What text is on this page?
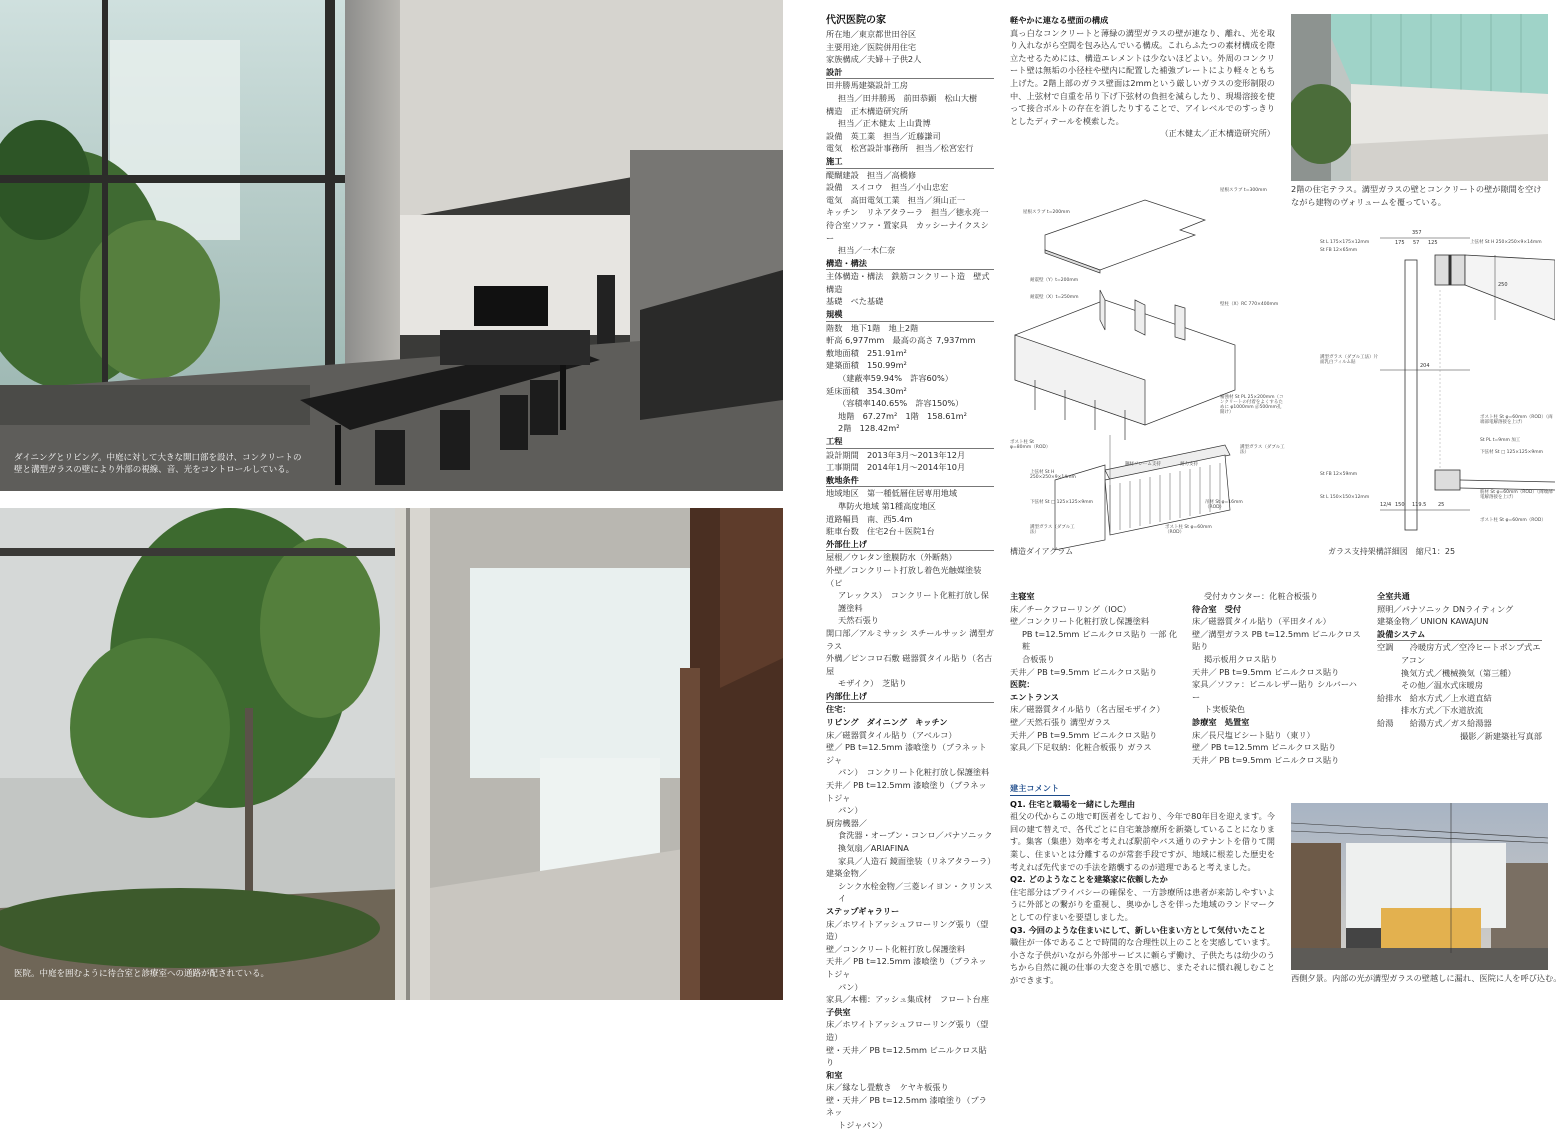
ダイニングとリビング。中庭に対して大きな開口部を設け、コンクリートの壁と溝型ガラスの壁により外部の視線、音、光をコントロールしている。
医院。中庭を囲むように待合室と診療室への通路が配されている。
代沢医院の家
所在地／東京都世田谷区
主要用途／医院併用住宅
家族構成／夫婦＋子供2人
設計
田井勝馬建築設計工房
担当／田井勝馬　前田恭顕　松山大樹
構造　正木構造研究所
担当／正木健太 上山貴博
設備　英工業　担当／近藤謙司
電気　松宮設計事務所　担当／松宮宏行
施工
醍醐建設　担当／高橋修
設備　スイコウ　担当／小山忠宏
電気　高田電気工業　担当／須山正一
キッチン　リネアタラーラ　担当／徳永亮一
待合室ソファ・置家具　カッシーナイクスシー
担当／一木仁奈
構造・構法
主体構造・構法　鉄筋コンクリート造　壁式構造
基礎　べた基礎
規模
階数　地下1階　地上2階
軒高 6,977mm　最高の高さ 7,937mm
敷地面積　251.91m²
建築面積　150.99m²
（建蔽率59.94%　許容60%）
延床面積　354.30m²
（容積率140.65%　許容150%）
地階　67.27m²　1階　158.61m²
2階　128.42m²
工程
設計期間　2013年3月〜2013年12月
工事期間　2014年1月〜2014年10月
敷地条件
地域地区　第一種低層住居専用地域
準防火地域 第1種高度地区
道路幅員　南、西5.4m
駐車台数　住宅2台＋医院1台
外部仕上げ
屋根／ウレタン塗膜防水（外断熱）
外壁／コンクリート打放し着色光触媒塗装（ピ
アレックス）　コンクリート化粧打放し保護塗料
天然石張り
開口部／アルミサッシ スチールサッシ 溝型ガラス
外構／ピンコロ石敷 磁器質タイル貼り（名古屋
モザイク）　芝貼り
内部仕上げ
住宅：
リビング　ダイニング　キッチン
床／磁器質タイル貼り（アベルコ）
壁／ PB t=12.5mm 漆喰塗り（プラネットジャ
パン）　コンクリート化粧打放し保護塗料
天井／ PB t=12.5mm 漆喰塗り（プラネットジャ
パン）
厨房機器／
食洗器・オーブン・コンロ／パナソニック
換気扇／ARIAFINA
家具／人造石 鏡面塗装（リネアタラーラ）
建築金物／
シンク水栓金物／三菱レイヨン・クリンスイ
ステップギャラリー
床／ホワイトアッシュフローリング張り（望造）
壁／コンクリート化粧打放し保護塗料
天井／ PB t=12.5mm 漆喰塗り（プラネットジャ
パン）
家具／本棚：アッシュ集成材　フロート台座
子供室
床／ホワイトアッシュフローリング張り（望造）
壁・天井／ PB t=12.5mm ビニルクロス貼り
和室
床／縁なし畳敷き　ケヤキ板張り
壁・天井／ PB t=12.5mm 漆喰塗り（プラネッ
トジャパン）
軽やかに連なる壁面の構成
真っ白なコンクリートと薄緑の溝型ガラスの壁が連なり、離れ、光を取り入れながら空間を包み込んでいる構成。これらふたつの素材構成を際立たせるためには、構造エレメントは少ないほどよい。外周のコンクリート壁は無垢の小径柱や壁内に配置した補強プレートにより軽々ともち上げた。2階上部のガラス壁面は2mmという厳しいガラスの変形制限の中、上弦材で自重を吊り下げ下弦材の負担を減らしたり、現場溶接を使って接合ボルトの存在を消したりすることで、アイレベルでのすっきりとしたディテールを模索した。
（正木健太／正木構造研究所）
屋根スラブ t=200mm
屋根スラブ t=300mm
耐震壁（Y）t=200mm
耐震壁（X）t=250mm
壁柱（X）RC 770×400mm
補強材 St PL 25×200mm（コンクリートの付着をよくするために φ1000mm ＠500mm孔開け）
ポスト柱 St φ=80mm（ROD）
上弦材 St H 250×250×9×14mm
下弦材 St □ 125×125×9mm
鋼材フレーム支持	耐力支持
溝型ガラス（ダブル工法）
吊材 St φ=16mm（ROD）
ポスト柱 St φ=60mm（ROD）
溝型ガラス（ダブル工法）
構造ダイアグラム
2階の住宅テラス。溝型ガラスの壁とコンクリートの壁が隙間を空けながら建物のヴォリュームを覆っている。
St L 175×175×12mm
St FB 12×65mm
上弦材 St H 250×250×9×14mm
溝型ガラス（ダブル工法）片面乳白フィルム貼
ポスト柱 St φ=60mm（ROD）（両端部電解溶接を上げ）
St PL t=9mm 加工
下弦材 St □ 125×125×9mm
St FB 12×59mm
St L 150×150×12mm
筋材 St φ=60mm（ROD）（両端部電解溶接を上げ）
ポスト柱 St φ=60mm（ROD）
357
175 57 125
250
204
12/4 150 119.5 25
ガラス支持架構詳細図　縮尺1：25
主寝室
床／チークフローリング（IOC）
壁／コンクリート化粧打放し保護塗料
PB t=12.5mm ビニルクロス貼り 一部 化粧
合板張り
天井／ PB t=9.5mm ビニルクロス貼り
医院：
エントランス
床／磁器質タイル貼り（名古屋モザイク）
壁／天然石張り 溝型ガラス
天井／ PB t=9.5mm ビニルクロス貼り
家具／下足収納：化粧合板張り ガラス
受付カウンター：化粧合板張り
待合室　受付
床／磁器質タイル貼り（平田タイル）
壁／溝型ガラス PB t=12.5mm ビニルクロス貼り
掲示板用クロス貼り
天井／ PB t=9.5mm ビニルクロス貼り
家具／ソファ：ビニルレザー貼り シルバーハー
ト実板染色
診療室　処置室
床／長尺塩ビシート貼り（東リ）
壁／ PB t=12.5mm ビニルクロス貼り
天井／ PB t=9.5mm ビニルクロス貼り
全室共通
照明／パナソニック DNライティング
建築金物／ UNION KAWAJUN
設備システム
空調　　冷暖房方式／空冷ヒートポンプ式エ
アコン
換気方式／機械換気（第三種）
その他／温水式床暖房
給排水　給水方式／上水道直結
排水方式／下水道放流
給湯　　給湯方式／ガス給湯器
撮影／新建築社写真部
建主コメント
Q1. 住宅と職場を一緒にした理由
祖父の代からこの地で町医者をしており、今年で80年目を迎えます。今回の建て替えで、各代ごとに自宅兼診療所を新築していることになります。集客（集患）効率を考えれば駅前やバス通りのテナントを借りて開業し、住まいとは分離するのが常套手段ですが、地域に根差した歴史を考えれば先代までの手法を踏襲するのが道理であると考えました。
Q2. どのようなことを建築家に依頼したか
住宅部分はプライバシーの確保を、一方診療所は患者が来訪しやすいように外部との繋がりを重視し、奥ゆかしさを伴った地域のランドマークとしての佇まいを要望しました。
Q3. 今回のような住まいにして、新しい住まい方として気付いたこと
職住が一体であることで時間的な合理性以上のことを実感しています。小さな子供がいながら外部サービスに頼らず働け、子供たちは幼少のうちから自然に親の仕事の大変さを肌で感じ、またそれに慣れ親しむことができます。	西側夕景。内部の光が溝型ガラスの壁越しに漏れ、医院に人を呼び込む。
